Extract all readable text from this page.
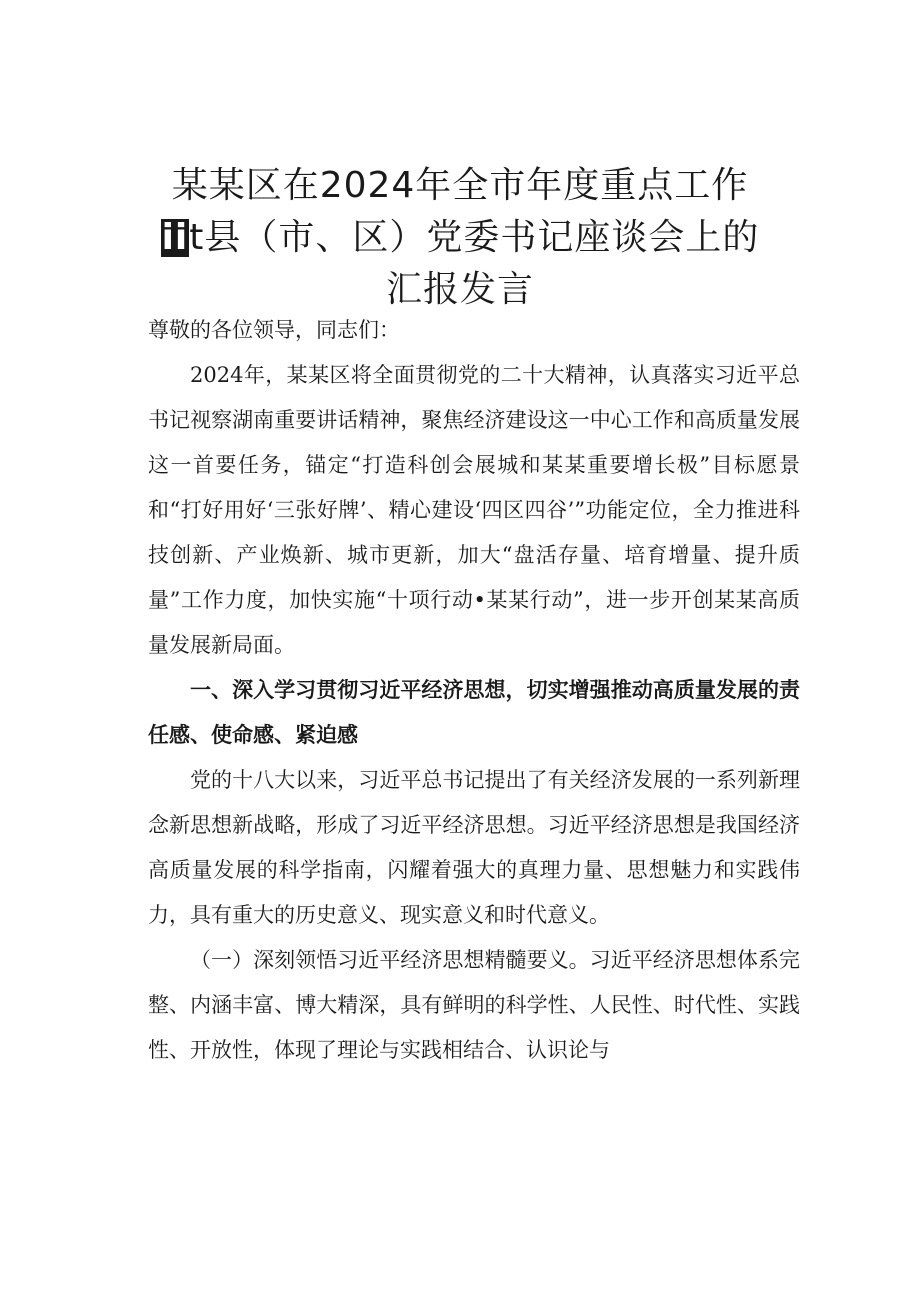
某某区在2024年全市年度重点工作
iit县（市、区）党委书记座谈会上的
汇报发言

尊敬的各位领导，同志们：

2024年，某某区将全面贯彻党的二十大精神，认真落实习近平总书记视察湖南重要讲话精神，聚焦经济建设这一中心工作和高质量发展这一首要任务，锚定“打造科创会展城和某某重要增长极”目标愿景和“打好用好‘三张好牌’、精心建设‘四区四谷’”功能定位，全力推进科技创新、产业焕新、城市更新，加大“盘活存量、培育增量、提升质量”工作力度，加快实施“十项行动•某某行动”，进一步开创某某高质量发展新局面。

一、深入学习贯彻习近平经济思想，切实增强推动高质量发展的责任感、使命感、紧迫感

党的十八大以来，习近平总书记提出了有关经济发展的一系列新理念新思想新战略，形成了习近平经济思想。习近平经济思想是我国经济高质量发展的科学指南，闪耀着强大的真理力量、思想魅力和实践伟力，具有重大的历史意义、现实意义和时代意义。

（一）深刻领悟习近平经济思想精髓要义。习近平经济思想体系完整、内涵丰富、博大精深，具有鲜明的科学性、人民性、时代性、实践性、开放性，体现了理论与实践相结合、认识论与
